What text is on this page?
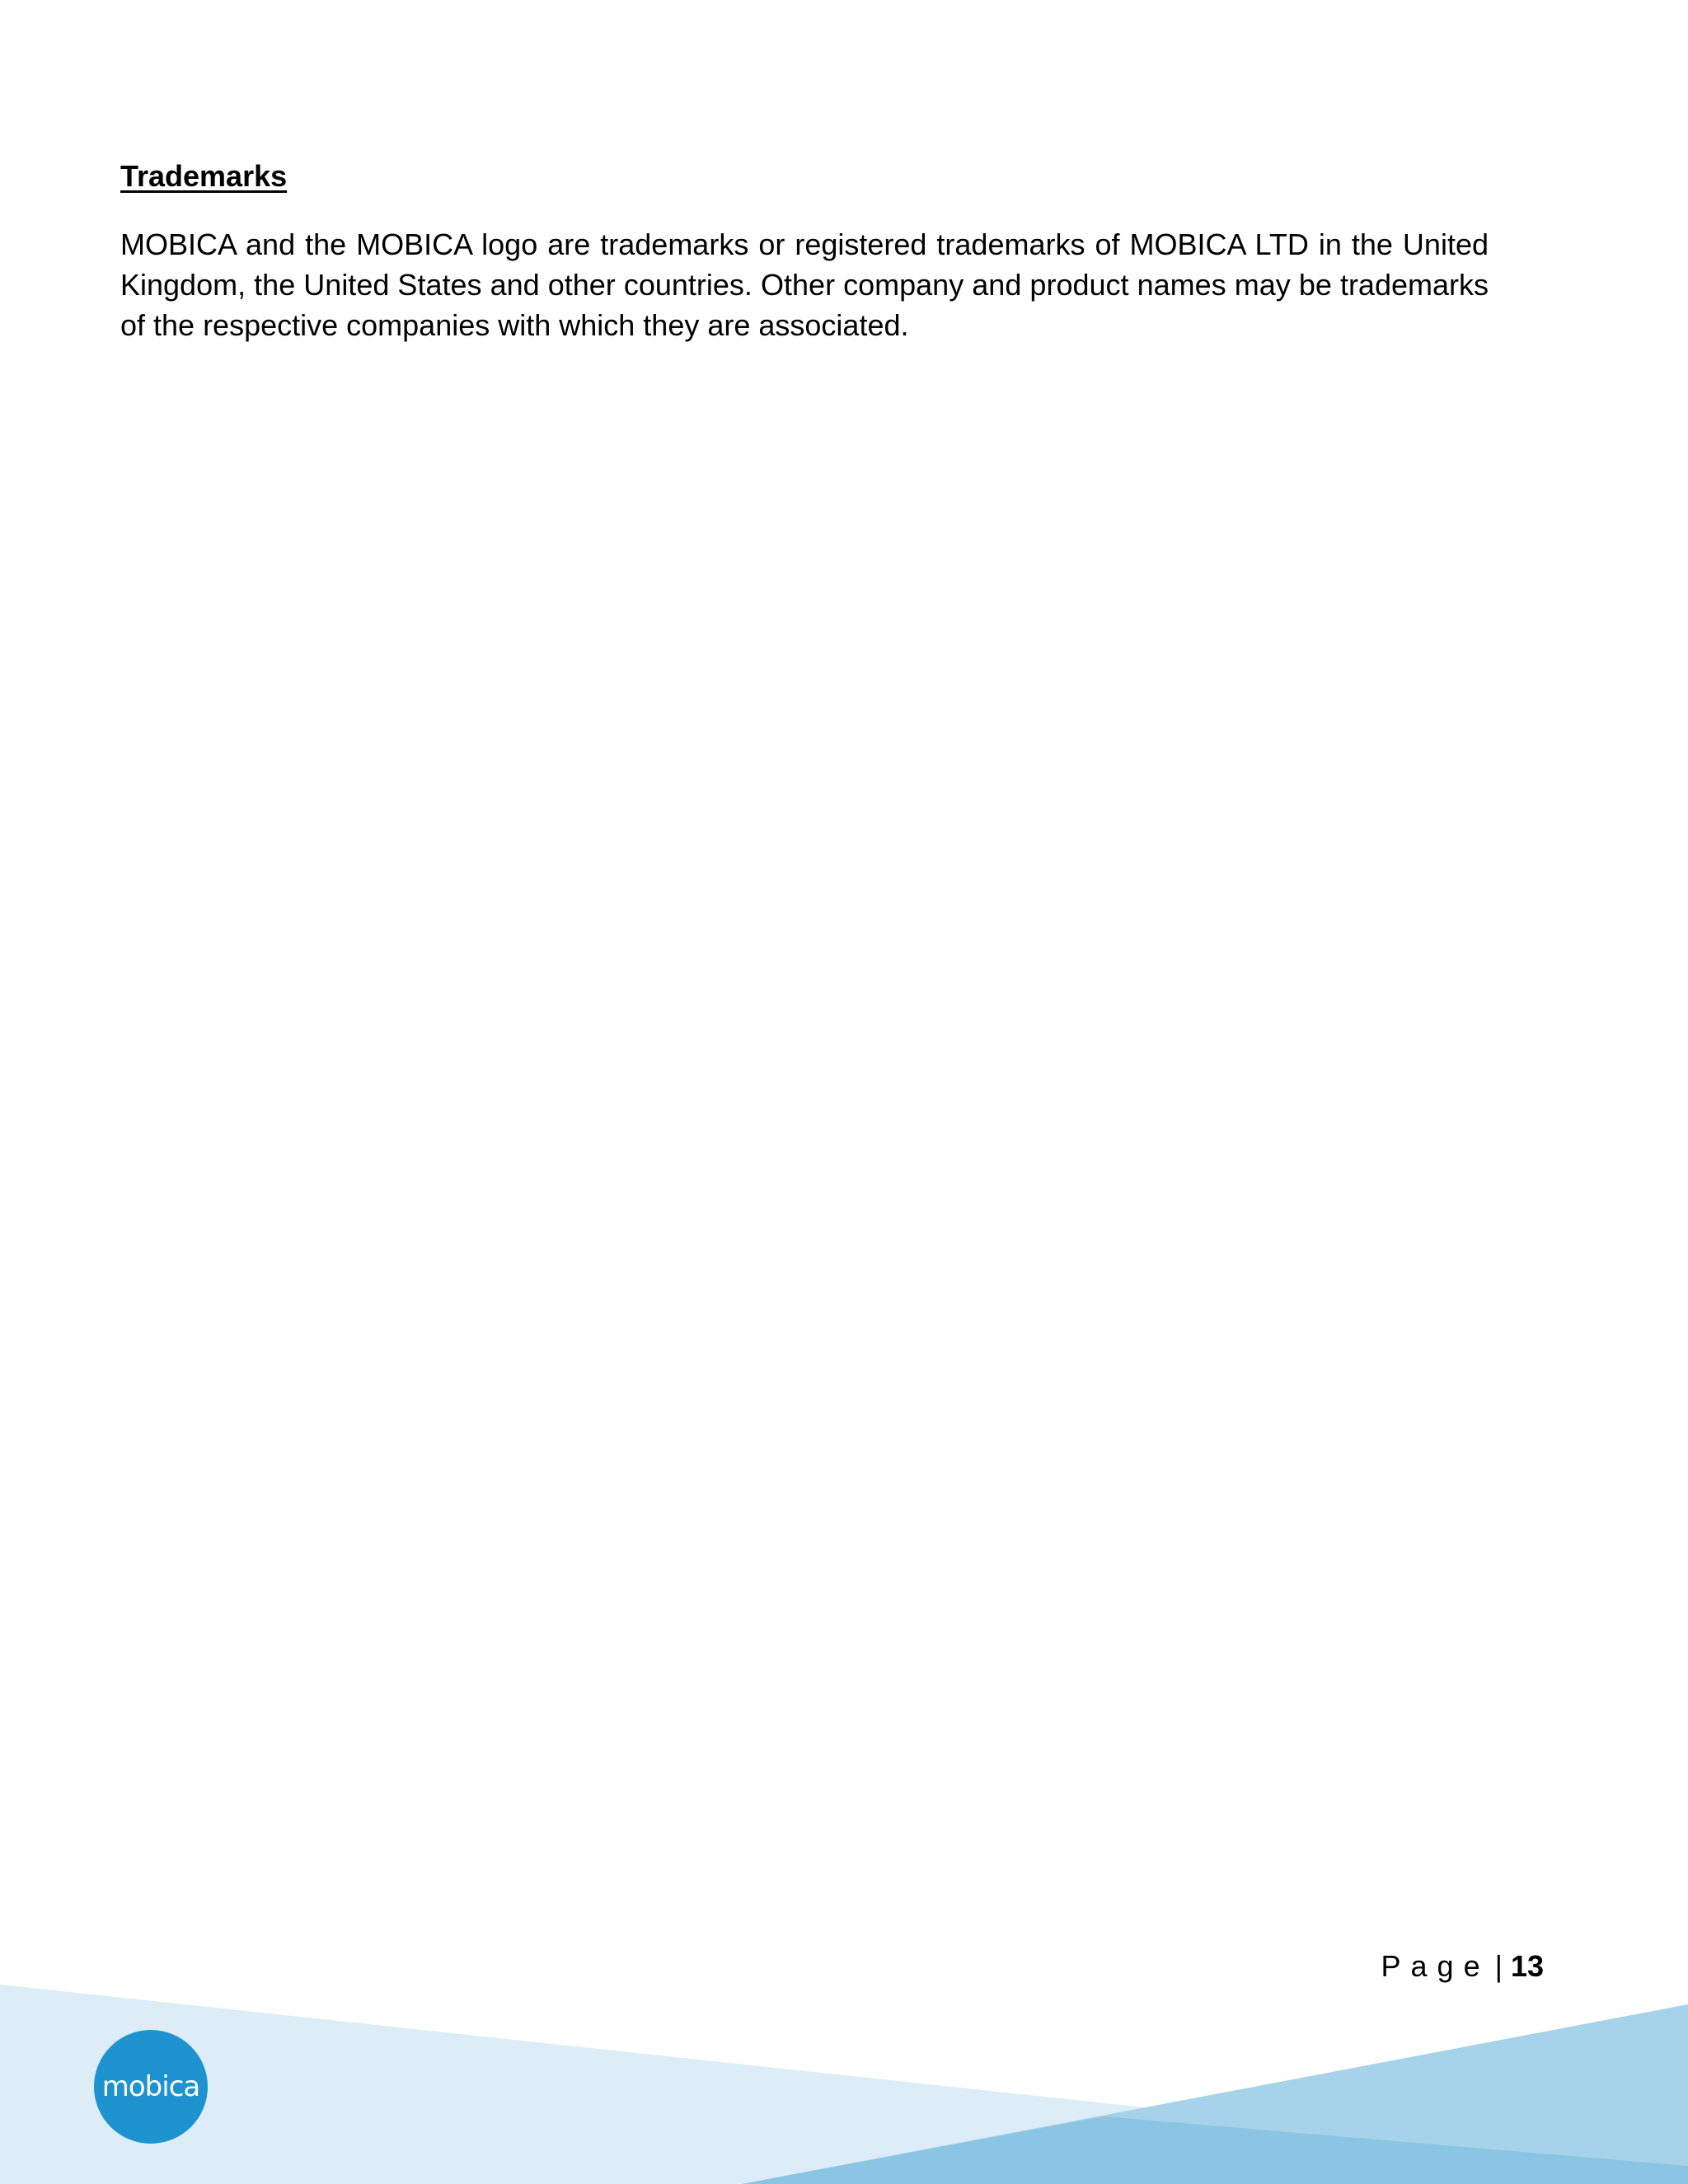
Trademarks

MOBICA and the MOBICA logo are trademarks or registered trademarks of MOBICA LTD in the United Kingdom, the United States and other countries. Other company and product names may be trademarks of the respective companies with which they are associated.

Page | 13
mobica
